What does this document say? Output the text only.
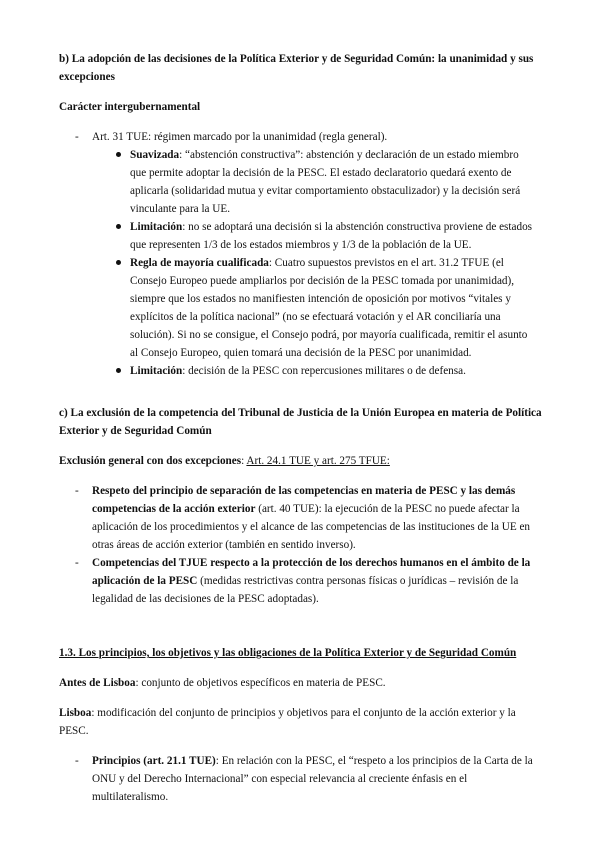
b) La adopción de las decisiones de la Política Exterior y de Seguridad Común: la unanimidad y sus excepciones

Carácter intergubernamental

- Art. 31 TUE: régimen marcado por la unanimidad (regla general).

Suavizada: “abstención constructiva”: abstención y declaración de un estado miembro que permite adoptar la decisión de la PESC. El estado declaratorio quedará exento de aplicarla (solidaridad mutua y evitar comportamiento obstaculizador) y la decisión será vinculante para la UE.

Limitación: no se adoptará una decisión si la abstención constructiva proviene de estados que representen 1/3 de los estados miembros y 1/3 de la población de la UE.

Regla de mayoría cualificada: Cuatro supuestos previstos en el art. 31.2 TFUE (el Consejo Europeo puede ampliarlos por decisión de la PESC tomada por unanimidad), siempre que los estados no manifiesten intención de oposición por motivos “vitales y explícitos de la política nacional” (no se efectuará votación y el AR conciliaría una solución). Si no se consigue, el Consejo podrá, por mayoría cualificada, remitir el asunto al Consejo Europeo, quien tomará una decisión de la PESC por unanimidad.

Limitación: decisión de la PESC con repercusiones militares o de defensa.

c) La exclusión de la competencia del Tribunal de Justicia de la Unión Europea en materia de Política Exterior y de Seguridad Común

Exclusión general con dos excepciones: Art. 24.1 TUE y art. 275 TFUE:

- Respeto del principio de separación de las competencias en materia de PESC y las demás competencias de la acción exterior (art. 40 TUE): la ejecución de la PESC no puede afectar la aplicación de los procedimientos y el alcance de las competencias de las instituciones de la UE en otras áreas de acción exterior (también en sentido inverso).

- Competencias del TJUE respecto a la protección de los derechos humanos en el ámbito de la aplicación de la PESC (medidas restrictivas contra personas físicas o jurídicas – revisión de la legalidad de las decisiones de la PESC adoptadas).

1.3. Los principios, los objetivos y las obligaciones de la Política Exterior y de Seguridad Común

Antes de Lisboa: conjunto de objetivos específicos en materia de PESC.

Lisboa: modificación del conjunto de principios y objetivos para el conjunto de la acción exterior y la PESC.

- Principios (art. 21.1 TUE): En relación con la PESC, el “respeto a los principios de la Carta de la ONU y del Derecho Internacional” con especial relevancia al creciente énfasis en el multilateralismo.
